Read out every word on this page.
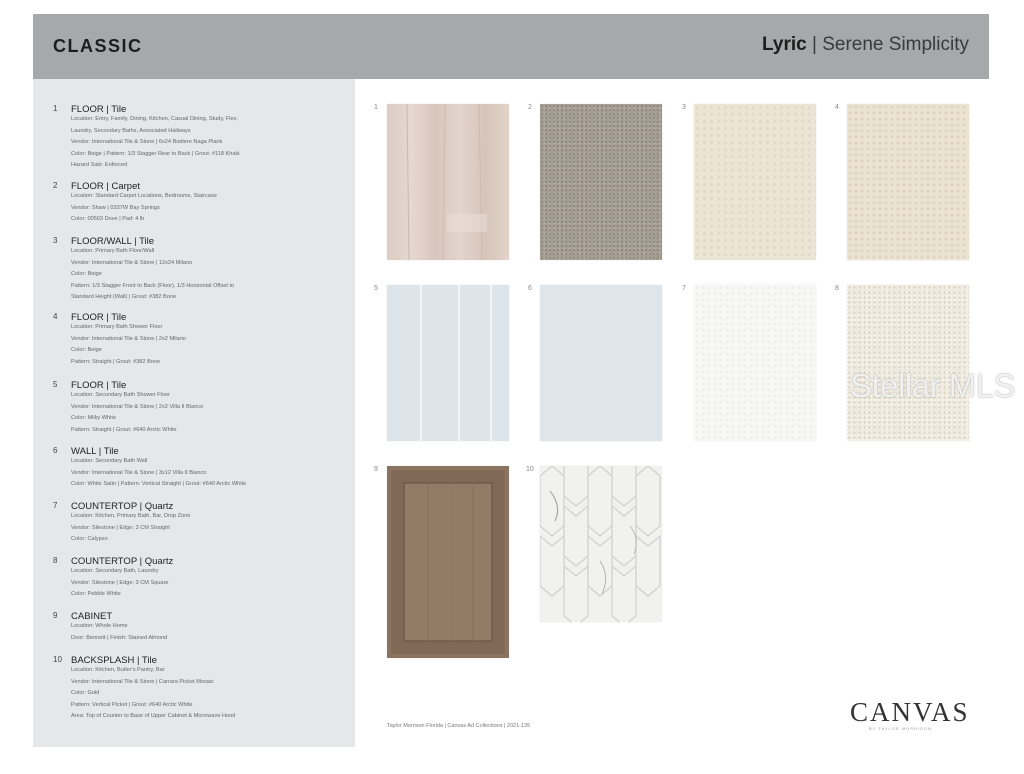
CLASSIC	Lyric | Serene Simplicity
1 FLOOR | Tile
Location: Entry, Family, Dining, Kitchen, Casual Dining, Study, Flex,
Laundry, Secondary Baths, Associated Hallways
Vendor: International Tile & Stone | 6x24 Bodiere Naga Plank
Color: Beige | Pattern: 1/3 Stagger Rear to Back | Grout: #118 Khaki
Hazard Sale: Enforced
2 FLOOR | Carpet
Location: Standard Carpet Locations, Bedrooms, Staircase
Vendor: Shaw | 0337W Bay Springs
Color: 00503 Dove | Pad: 4 lb
3 FLOOR/WALL | Tile
Location: Primary Bath Floor/Wall
Vendor: International Tile & Stone | 12x24 Milano
Color: Beige
Pattern: 1/3 Stagger Front to Back (Floor), 1/3 Horizontal Offset to
Standard Height (Wall) | Grout: #382 Bone
4 FLOOR | Tile
Location: Primary Bath Shower Floor
Vendor: International Tile & Stone | 2x2 Milano
Color: Beige
Pattern: Straight | Grout: #382 Bone
5 FLOOR | Tile
Location: Secondary Bath Shower Floor
Vendor: International Tile & Stone | 2x2 Villa II Bianco
Color: Milky White
Pattern: Straight | Grout: #640 Arctic White
6 WALL | Tile
Location: Secondary Bath Wall
Vendor: International Tile & Stone | 3x12 Villa II Bianco
Color: White Satin | Pattern: Vertical Straight | Grout: #640 Arctic White
7 COUNTERTOP | Quartz
Location: Kitchen, Primary Bath, Bar, Drop Zone
Vendor: Silestone | Edge: 3 CM Straight
Color: Calypso
8 COUNTERTOP | Quartz
Location: Secondary Bath, Laundry
Vendor: Silestone | Edge: 3 CM Square
Color: Pebble White
9 CABINET
Location: Whole Home
Door: Bennett | Finish: Stained Almond
10 BACKSPLASH | Tile
Location: Kitchen, Butler's Pantry, Bar
Vendor: International Tile & Stone | Carrara Picket Mosaic
Color: Gold
Pattern: Vertical Picket | Grout: #640 Arctic White
Area: Top of Counter to Base of Upper Cabinet & Microwave Hood
1	2	3	4
5	6	7	8
9	10
Taylor Morrison Florida | Canvas Ad Collections | 2021-135	CANVAS
BY TAYLOR MORRISON
Stellar MLS
